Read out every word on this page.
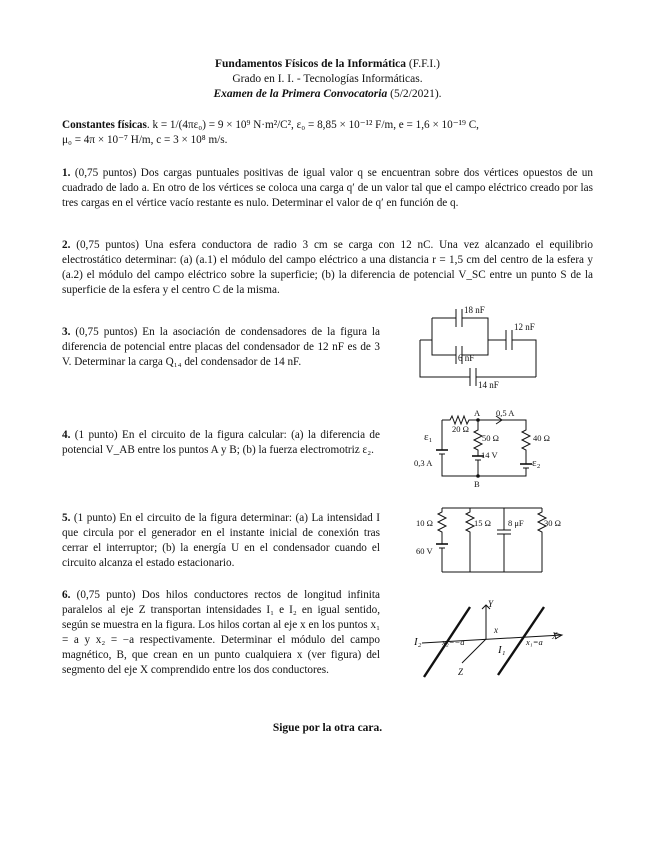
Fundamentos Físicos de la Informática (F.F.I.)
Grado en I. I. - Tecnologías Informáticas.
Examen de la Primera Convocatoria (5/2/2021).
Constantes físicas. k = 1/(4πε₀) = 9 × 10⁹ N·m²/C², ε₀ = 8,85 × 10⁻¹² F/m, e = 1,6 × 10⁻¹⁹ C,
μ₀ = 4π × 10⁻⁷ H/m, c = 3 × 10⁸ m/s.
1. (0,75 puntos) Dos cargas puntuales positivas de igual valor q se encuentran sobre dos vértices opuestos de un cuadrado de lado a. En otro de los vértices se coloca una carga q′ de un valor tal que el campo eléctrico creado por las tres cargas en el vértice vacío restante es nulo. Determinar el valor de q′ en función de q.
2. (0,75 puntos) Una esfera conductora de radio 3 cm se carga con 12 nC. Una vez alcanzado el equilibrio electrostático determinar: (a) (a.1) el módulo del campo eléctrico a una distancia r = 1,5 cm del centro de la esfera y (a.2) el módulo del campo eléctrico sobre la superficie; (b) la diferencia de potencial V_SC entre un punto S de la superficie de la esfera y el centro C de la misma.
3. (0,75 puntos) En la asociación de condensadores de la figura la diferencia de potencial entre placas del condensador de 12 nF es de 3 V. Determinar la carga Q₁₄ del condensador de 14 nF.
4. (1 punto) En el circuito de la figura calcular: (a) la diferencia de potencial V_AB entre los puntos A y B; (b) la fuerza electromotriz ε₂.
5. (1 punto) En el circuito de la figura determinar: (a) La intensidad I que circula por el generador en el instante inicial de conexión tras cerrar el interruptor; (b) la energía U en el condensador cuando el circuito alcanza el estado estacionario.
6. (0,75 punto) Dos hilos conductores rectos de longitud infinita paralelos al eje Z transportan intensidades I₁ e I₂ en igual sentido, según se muestra en la figura. Los hilos cortan al eje x en los puntos x₁ = a y x₂ = −a respectivamente. Determinar el módulo del campo magnético, B, que crean en un punto cualquiera x (ver figura) del segmento del eje X comprendido entre los dos conductores.
18 nF
12 nF
6 nF
14 nF
20 Ω
50 Ω	40 Ω
14 V
0,3 A
0,5 A
A
B
ε₁
ε₂
10 Ω	15 Ω 8 μF 30 Ω
60 V
Y
X
Z
x
I₂
I₁
x₁=a
x₂=−a
Sigue por la otra cara.
